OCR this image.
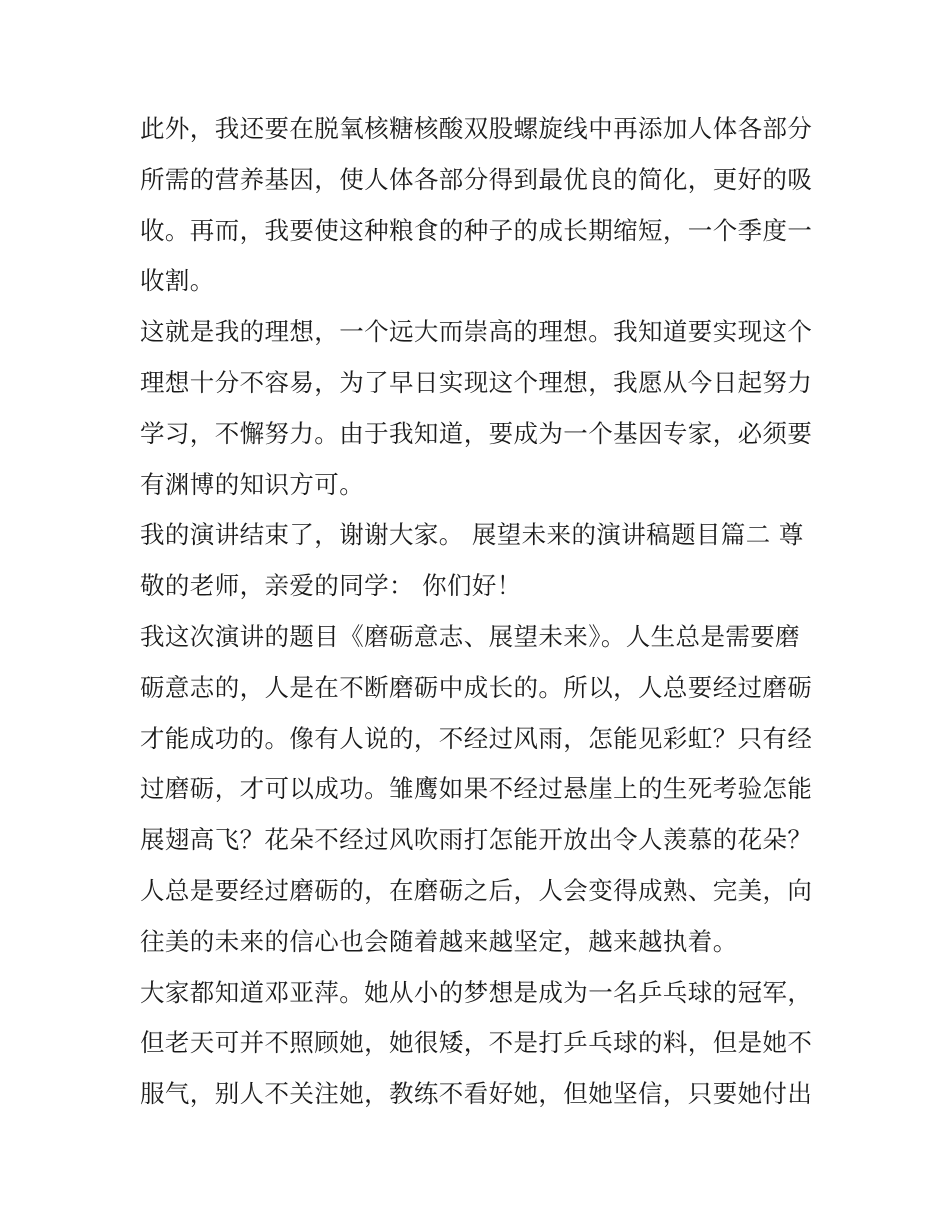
此外，我还要在脱氧核糖核酸双股螺旋线中再添加人体各部分
所需的营养基因，使人体各部分得到最优良的简化，更好的吸
收。再而，我要使这种粮食的种子的成长期缩短，一个季度一
收割。
这就是我的理想，一个远大而崇高的理想。我知道要实现这个
理想十分不容易，为了早日实现这个理想，我愿从今日起努力
学习，不懈努力。由于我知道，要成为一个基因专家，必须要
有渊博的知识方可。
我的演讲结束了，谢谢大家。 展望未来的演讲稿题目篇二 尊
敬的老师，亲爱的同学： 你们好！
我这次演讲的题目《磨砺意志、展望未来》。人生总是需要磨
砺意志的，人是在不断磨砺中成长的。所以，人总要经过磨砺
才能成功的。像有人说的，不经过风雨，怎能见彩虹？只有经
过磨砺，才可以成功。雏鹰如果不经过悬崖上的生死考验怎能
展翅高飞？花朵不经过风吹雨打怎能开放出令人羡慕的花朵？
人总是要经过磨砺的，在磨砺之后，人会变得成熟、完美，向
往美的未来的信心也会随着越来越坚定，越来越执着。
大家都知道邓亚萍。她从小的梦想是成为一名乒乓球的冠军，
但老天可并不照顾她，她很矮，不是打乒乓球的料，但是她不
服气，别人不关注她，教练不看好她，但她坚信，只要她付出
